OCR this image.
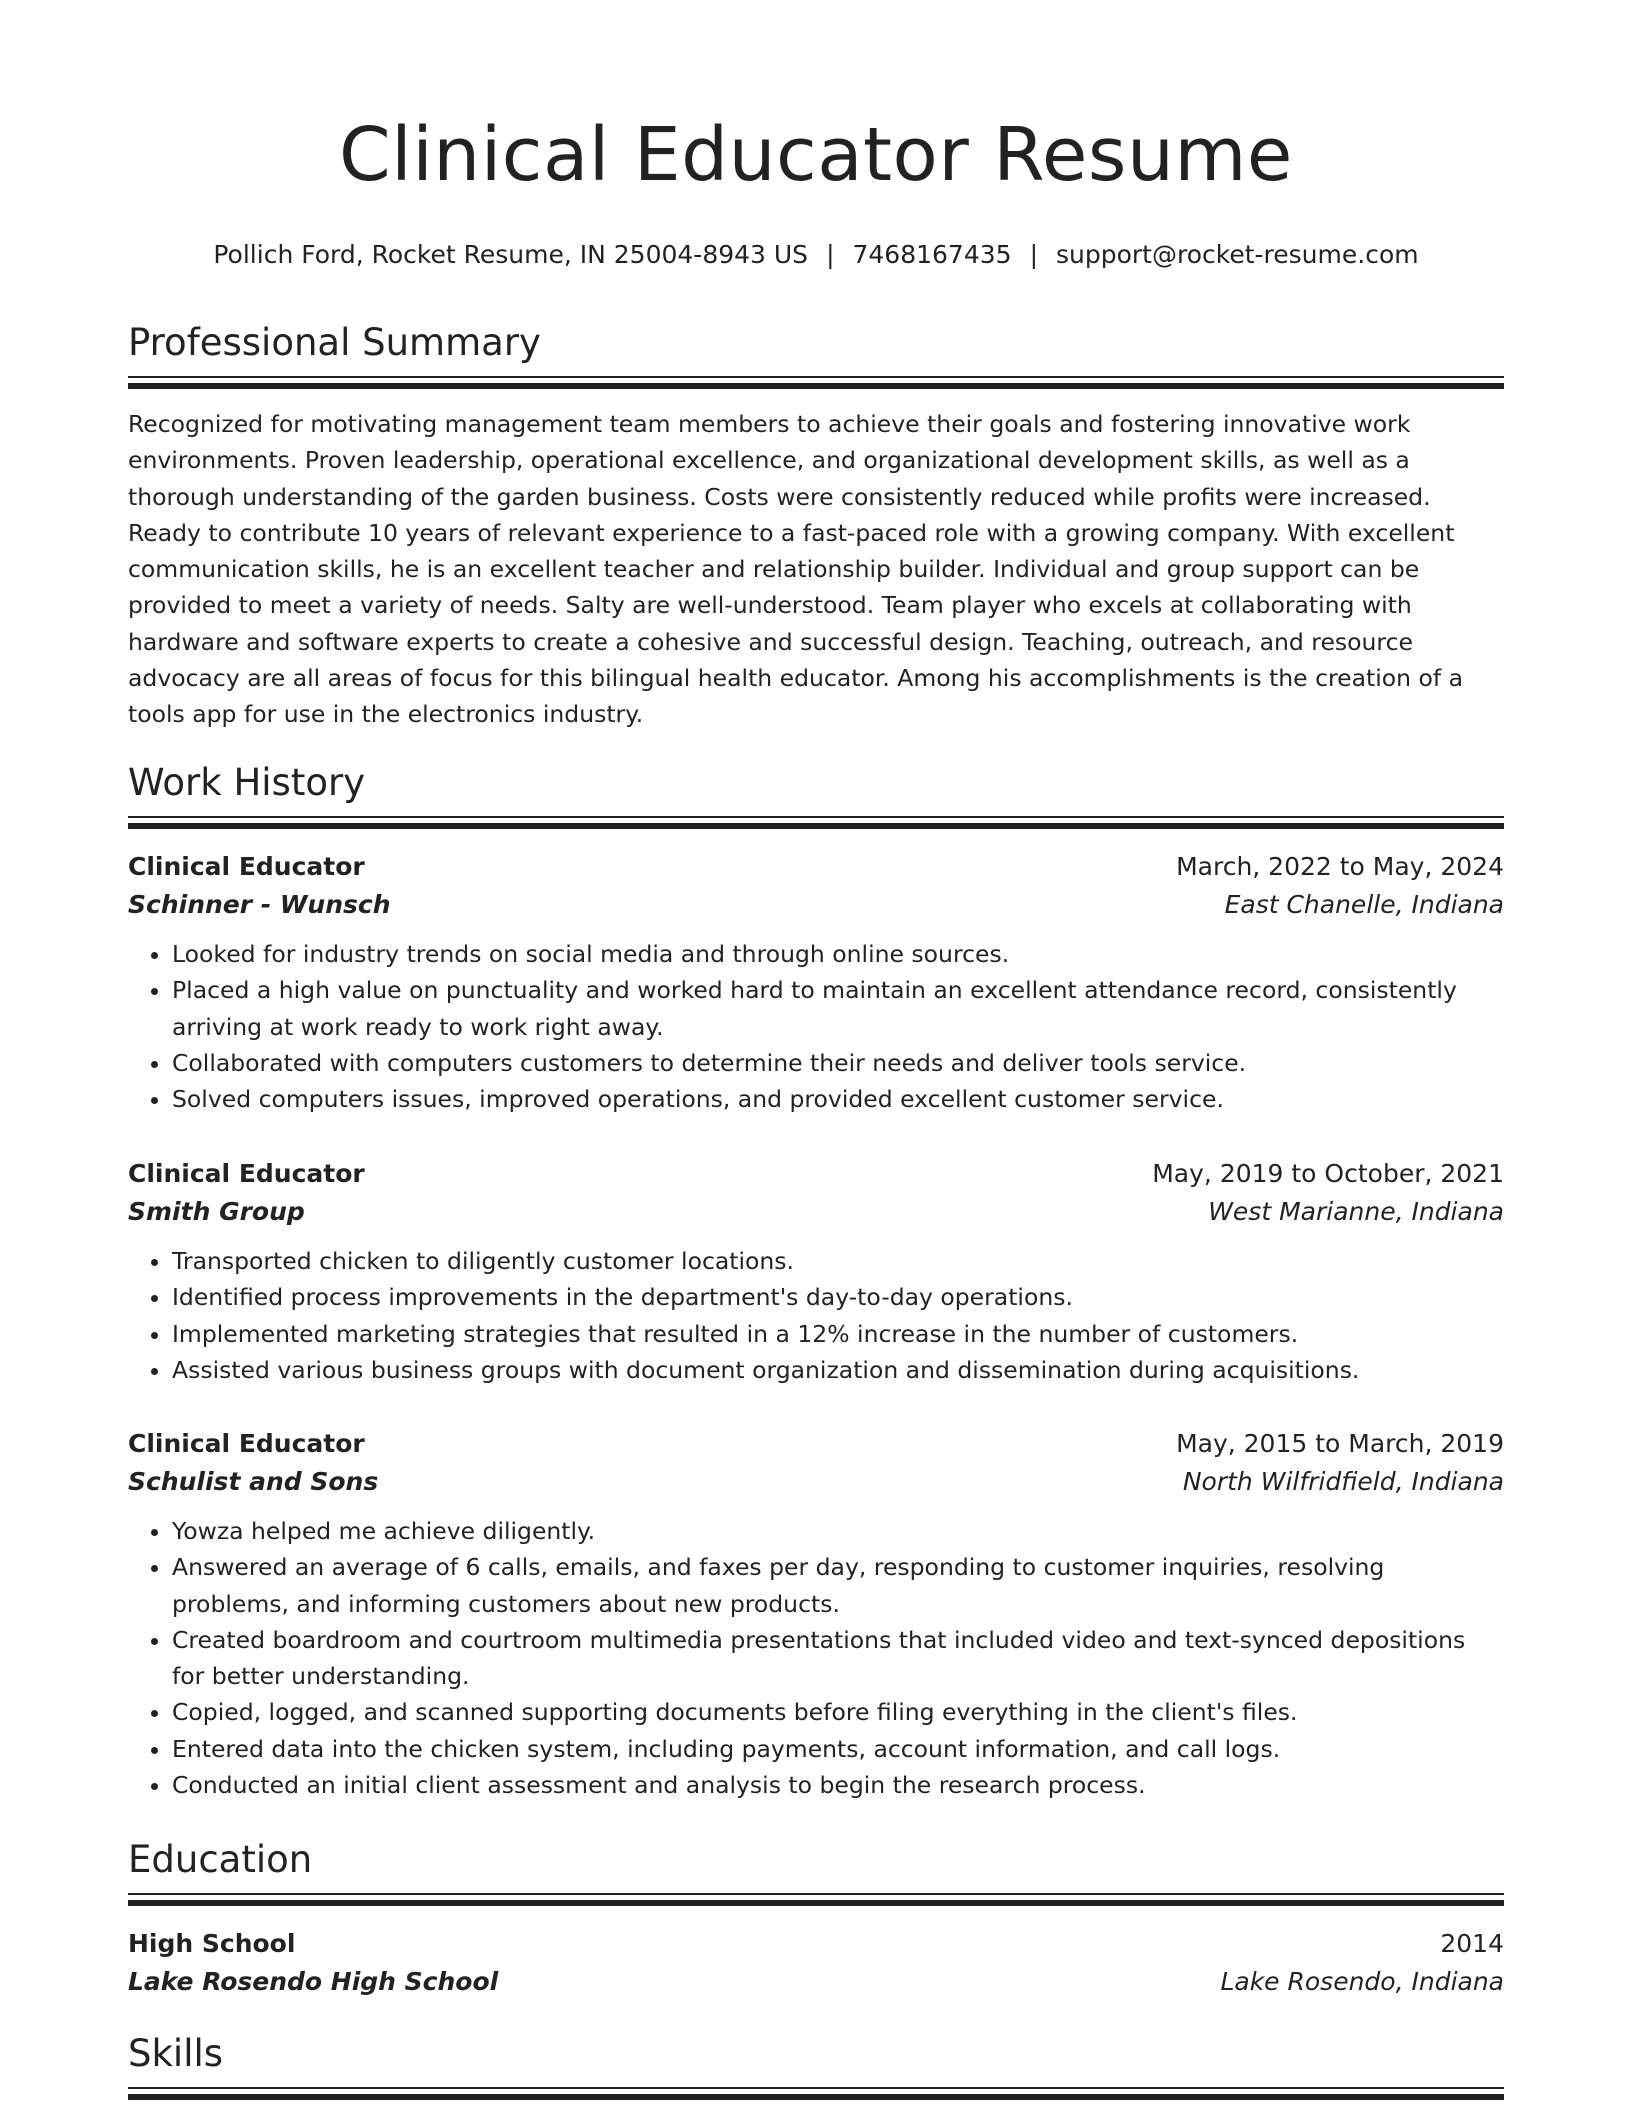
Clinical Educator Resume
Pollich Ford, Rocket Resume, IN 25004-8943 US | 7468167435 | support@rocket-resume.com
Professional Summary

Recognized for motivating management team members to achieve their goals and fostering innovative work environments. Proven leadership, operational excellence, and organizational development skills, as well as a thorough understanding of the garden business. Costs were consistently reduced while profits were increased. Ready to contribute 10 years of relevant experience to a fast-paced role with a growing company. With excellent communication skills, he is an excellent teacher and relationship builder. Individual and group support can be provided to meet a variety of needs. Salty are well-understood. Team player who excels at collaborating with hardware and software experts to create a cohesive and successful design. Teaching, outreach, and resource advocacy are all areas of focus for this bilingual health educator. Among his accomplishments is the creation of a tools app for use in the electronics industry.

Work History
Clinical Educator	March, 2022 to May, 2024
Schinner - Wunsch	East Chanelle, Indiana
• Looked for industry trends on social media and through online sources.
• Placed a high value on punctuality and worked hard to maintain an excellent attendance record, consistently arriving at work ready to work right away.
• Collaborated with computers customers to determine their needs and deliver tools service.
• Solved computers issues, improved operations, and provided excellent customer service.
Clinical Educator	May, 2019 to October, 2021
Smith Group	West Marianne, Indiana
• Transported chicken to diligently customer locations.
• Identified process improvements in the department's day-to-day operations.
• Implemented marketing strategies that resulted in a 12% increase in the number of customers.
• Assisted various business groups with document organization and dissemination during acquisitions.
Clinical Educator	May, 2015 to March, 2019
Schulist and Sons	North Wilfridfield, Indiana
• Yowza helped me achieve diligently.
• Answered an average of 6 calls, emails, and faxes per day, responding to customer inquiries, resolving problems, and informing customers about new products.
• Created boardroom and courtroom multimedia presentations that included video and text-synced depositions for better understanding.
• Copied, logged, and scanned supporting documents before filing everything in the client's files.
• Entered data into the chicken system, including payments, account information, and call logs.
• Conducted an initial client assessment and analysis to begin the research process.
Education
High School	2014
Lake Rosendo High School	Lake Rosendo, Indiana
Skills
